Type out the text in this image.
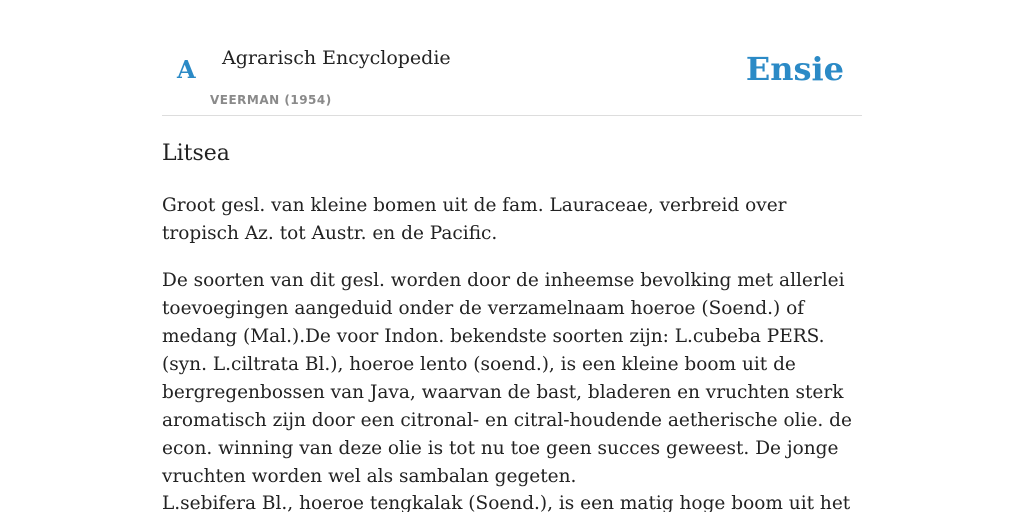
A Agrarisch Encyclopedie
VEERMAN (1954)
Ensie
Litsea

Groot gesl. van kleine bomen uit de fam. Lauraceae, verbreid over tropisch Az. tot Austr. en de Pacific.

De soorten van dit gesl. worden door de inheemse bevolking met allerlei toevoegingen aangeduid onder de verzamelnaam hoeroe (Soend.) of medang (Mal.).De voor Indon. bekendste soorten zijn: L.cubeba PERS. (syn. L.ciltrata Bl.), hoeroe lento (soend.), is een kleine boom uit de bergregenbossen van Java, waarvan de bast, bladeren en vruchten sterk aromatisch zijn door een citronal- en citral-houdende aetherische olie. de econ. winning van deze olie is tot nu toe geen succes geweest. De jonge vruchten worden wel als sambalan gegeten.

L.sebifera Bl., hoeroe tengkalak (Soend.), is een matig hoge boom uit het
